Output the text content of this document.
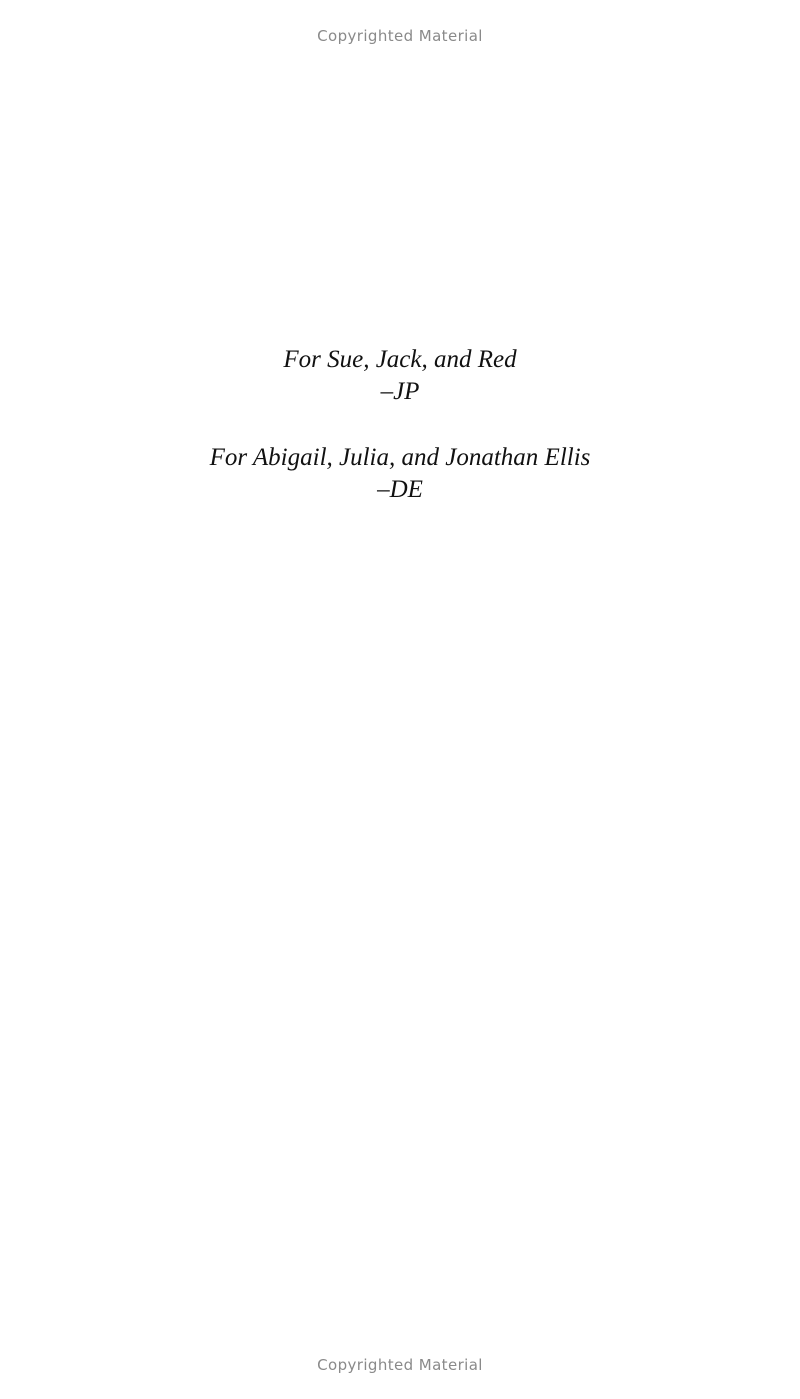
Copyrighted Material
For Sue, Jack, and Red
–JP
For Abigail, Julia, and Jonathan Ellis
–DE
Copyrighted Material
